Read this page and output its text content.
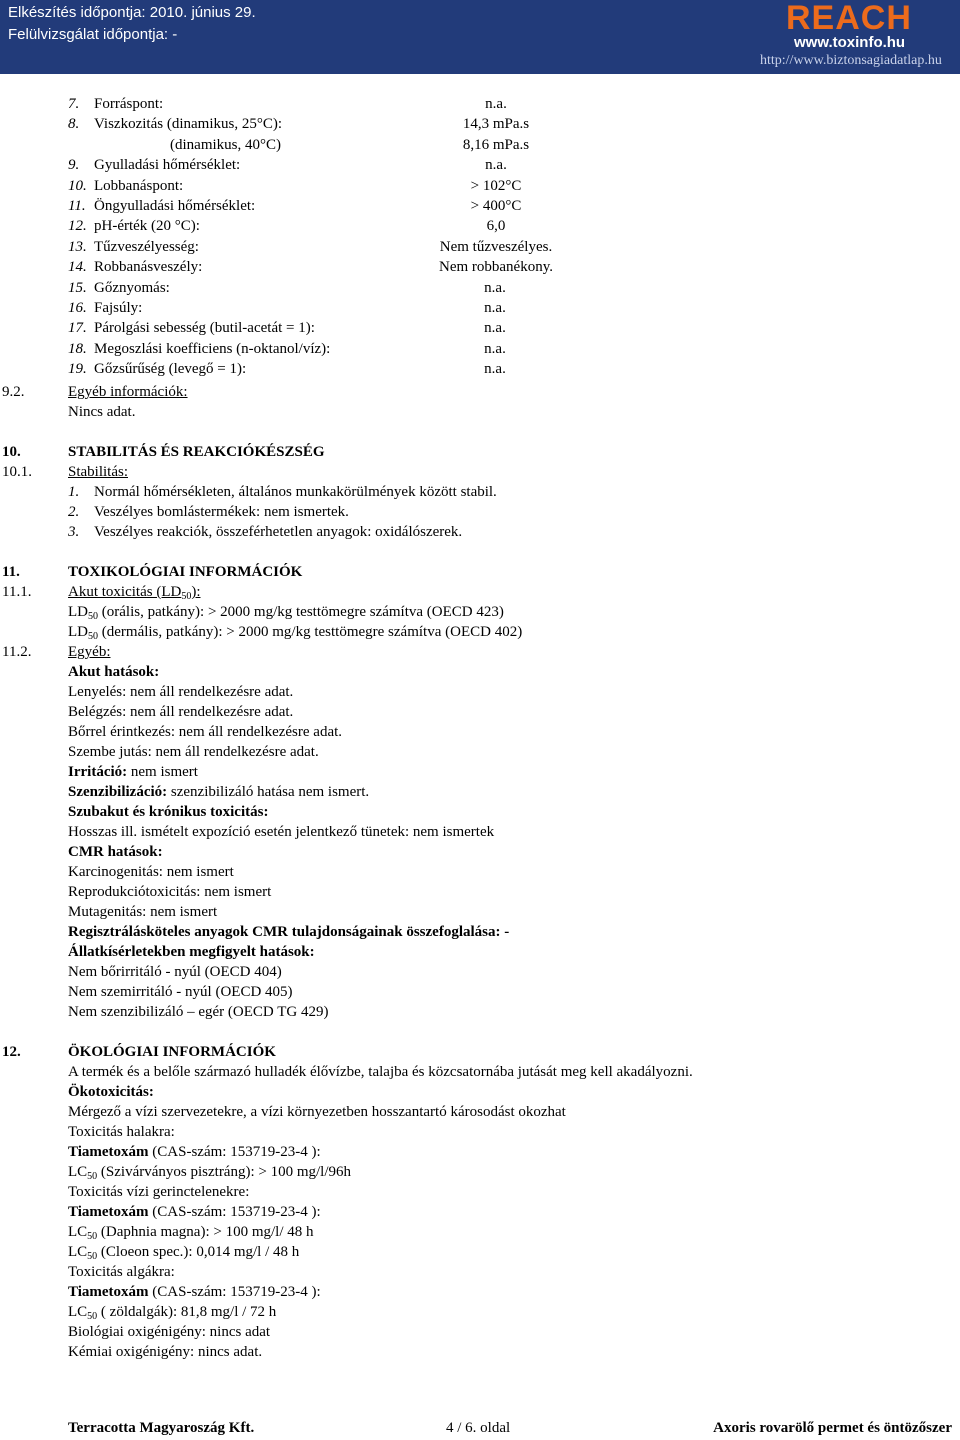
Elkészítés időpontja: 2010. június 29.
Felülvizsgálat időpontja: -	REACH
www.toxinfo.hu
http://www.biztonsagiadatlap.hu
7. Forráspont:	n.a.
8. Viszkozitás (dinamikus, 25°C):	14,3 mPa.s
(dinamikus, 40°C)	8,16 mPa.s
9. Gyulladási hőmérséklet:	n.a.
10. Lobbanáspont:	> 102°C
11. Öngyulladási hőmérséklet:	> 400°C
12. pH-érték (20 °C):	6,0
13. Tűzveszélyesség:	Nem tűzveszélyes.
14. Robbanásveszély:	Nem robbanékony.
15. Gőznyomás:	n.a.
16. Fajsúly:	n.a.
17. Párolgási sebesség (butil-acetát = 1):	n.a.
18. Megoszlási koefficiens (n-oktanol/víz):	n.a.
19. Gőzsűrűség (levegő = 1):	n.a.
9.2.	Egyéb információk:
Nincs adat.
10.	STABILITÁS ÉS REAKCIÓKÉSZSÉG
10.1. Stabilitás:
1. Normál hőmérsékleten, általános munkakörülmények között stabil.
2. Veszélyes bomlástermékek: nem ismertek.
3. Veszélyes reakciók, összeférhetetlen anyagok: oxidálószerek.
11.	TOXIKOLÓGIAI INFORMÁCIÓK
11.1. Akut toxicitás $(LD_{50})$:
$LD_{50}$ (orális, patkány): > 2000 mg/kg testtömegre számítva (OECD 423)
$LD_{50}$ (dermális, patkány): > 2000 mg/kg testtömegre számítva (OECD 402)
11.2. Egyéb:
Akut hatások:
Lenyelés: nem áll rendelkezésre adat.
Belégzés: nem áll rendelkezésre adat.
Bőrrel érintkezés: nem áll rendelkezésre adat.
Szembe jutás: nem áll rendelkezésre adat.
Irritáció: nem ismert
Szenzibilizáció: szenzibilizáló hatása nem ismert.
Szubakut és krónikus toxicitás:
Hosszas ill. ismételt expozíció esetén jelentkező tünetek: nem ismertek
CMR hatások:
Karcinogenitás: nem ismert
Reprodukciótoxicitás: nem ismert
Mutagenitás: nem ismert
Regisztrálásköteles anyagok CMR tulajdonságainak összefoglalása: -
Állatkísérletekben megfigyelt hatások:
Nem bőrirritáló - nyúl (OECD 404)
Nem szemirritáló - nyúl (OECD 405)
Nem szenzibilizáló – egér (OECD TG 429)
12.	ÖKOLÓGIAI INFORMÁCIÓK
A termék és a belőle származó hulladék élővízbe, talajba és közcsatornába jutását meg kell akadályozni.
Ökotoxicitás:
Mérgező a vízi szervezetekre, a vízi környezetben hosszantartó károsodást okozhat
Toxicitás halakra:
Tiametoxám (CAS-szám: 153719-23-4 ):
$LC_{50}$ (Szivárványos pisztráng): > 100 mg/l/96h
Toxicitás vízi gerinctelenekre:
Tiametoxám (CAS-szám: 153719-23-4 ):
$LC_{50}$ (Daphnia magna): > 100 mg/l/ 48 h
$LC_{50}$ (Cloeon spec.): 0,014 mg/l / 48 h
Toxicitás algákra:
Tiametoxám (CAS-szám: 153719-23-4 ):
$LC_{50}$ ( zöldalgák): 81,8 mg/l / 72 h
Biológiai oxigénigény: nincs adat
Kémiai oxigénigény: nincs adat.
Terracotta Magyaroszág Kft.	4 / 6. oldal	Axoris rovarölő permet és öntözőszer
